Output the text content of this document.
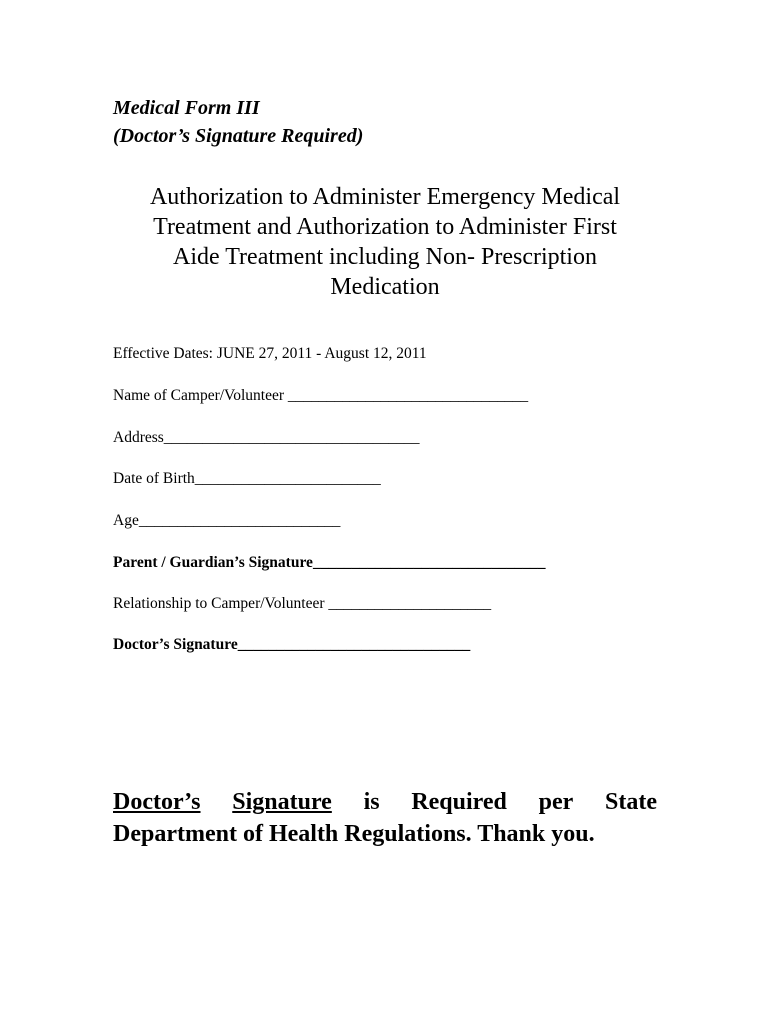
Medical Form III
(Doctor’s Signature Required)
Authorization to Administer Emergency Medical
Treatment and Authorization to Administer First
Aide Treatment including Non- Prescription
Medication
Effective Dates: JUNE 27, 2011 - August 12, 2011
Name of Camper/Volunteer _______________________________
Address_________________________________
Date of Birth________________________
Age__________________________
Parent / Guardian’s Signature______________________________
Relationship to Camper/Volunteer _____________________
Doctor’s Signature______________________________
Doctor’s Signature is Required per State
Department of Health Regulations. Thank you.
